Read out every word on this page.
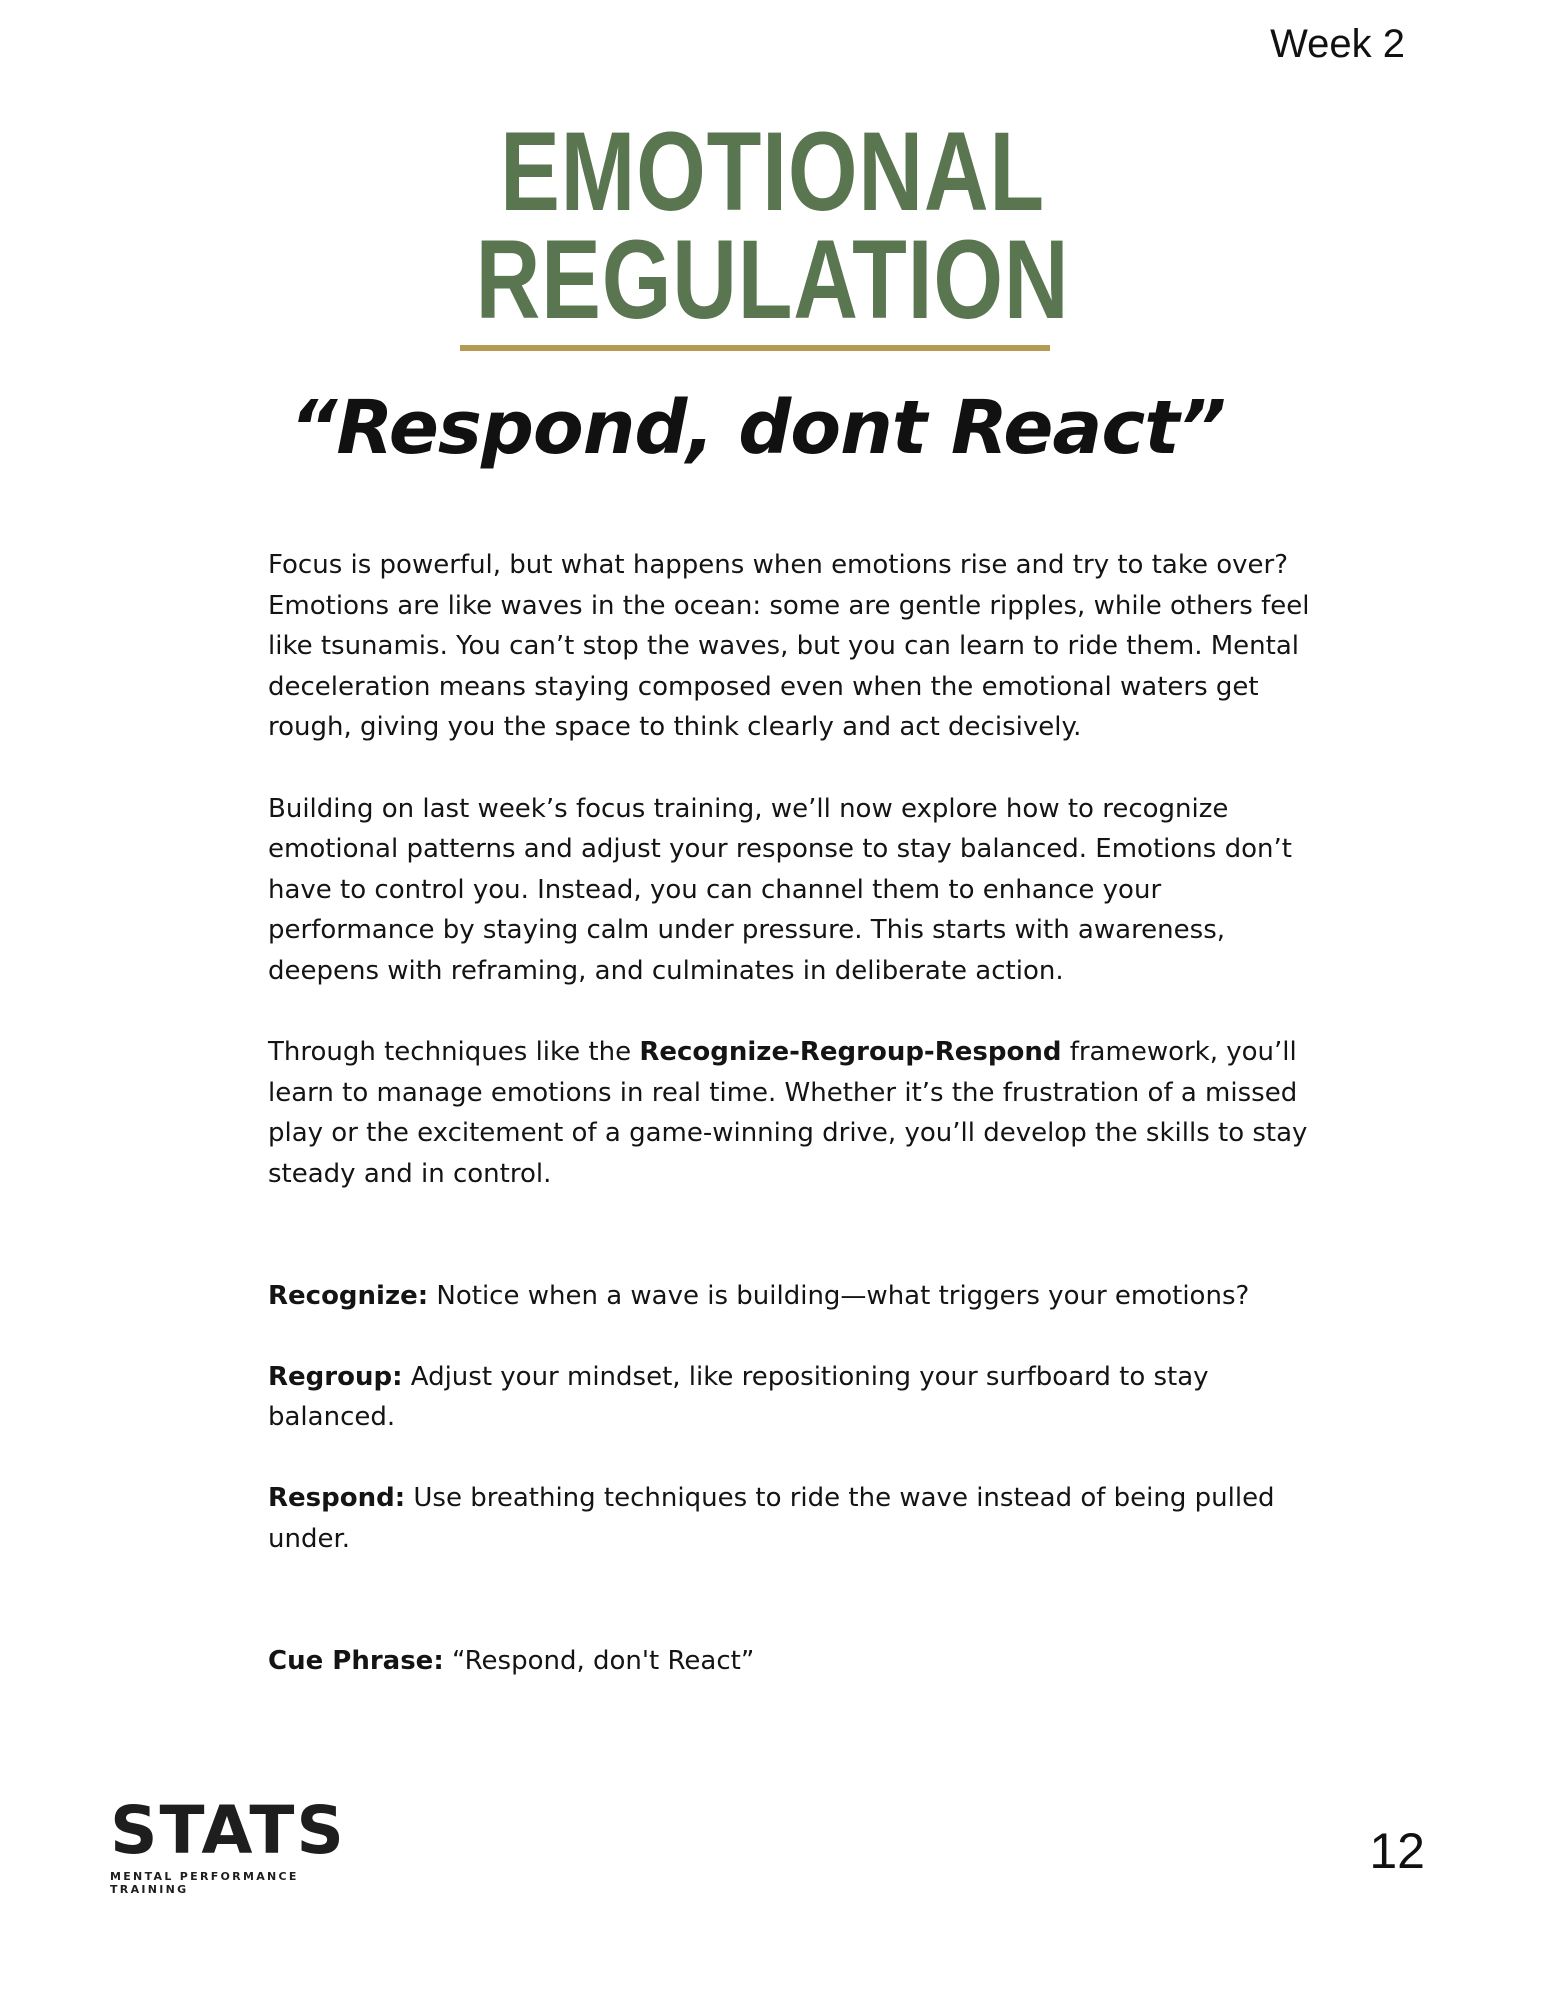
Week 2
EMOTIONAL
REGULATION
“Respond, dont React”

Focus is powerful, but what happens when emotions rise and try to take over? Emotions are like waves in the ocean: some are gentle ripples, while others feel like tsunamis. You can’t stop the waves, but you can learn to ride them. Mental deceleration means staying composed even when the emotional waters get rough, giving you the space to think clearly and act decisively.

Building on last week’s focus training, we’ll now explore how to recognize emotional patterns and adjust your response to stay balanced. Emotions don’t have to control you. Instead, you can channel them to enhance your performance by staying calm under pressure. This starts with awareness, deepens with reframing, and culminates in deliberate action.

Through techniques like the Recognize-Regroup-Respond framework, you’ll learn to manage emotions in real time. Whether it’s the frustration of a missed play or the excitement of a game-winning drive, you’ll develop the skills to stay steady and in control.

Recognize: Notice when a wave is building—what triggers your emotions?

Regroup: Adjust your mindset, like repositioning your surfboard to stay balanced.

Respond: Use breathing techniques to ride the wave instead of being pulled under.

Cue Phrase: “Respond, don't React”

STATS
MENTAL PERFORMANCE TRAINING
12
